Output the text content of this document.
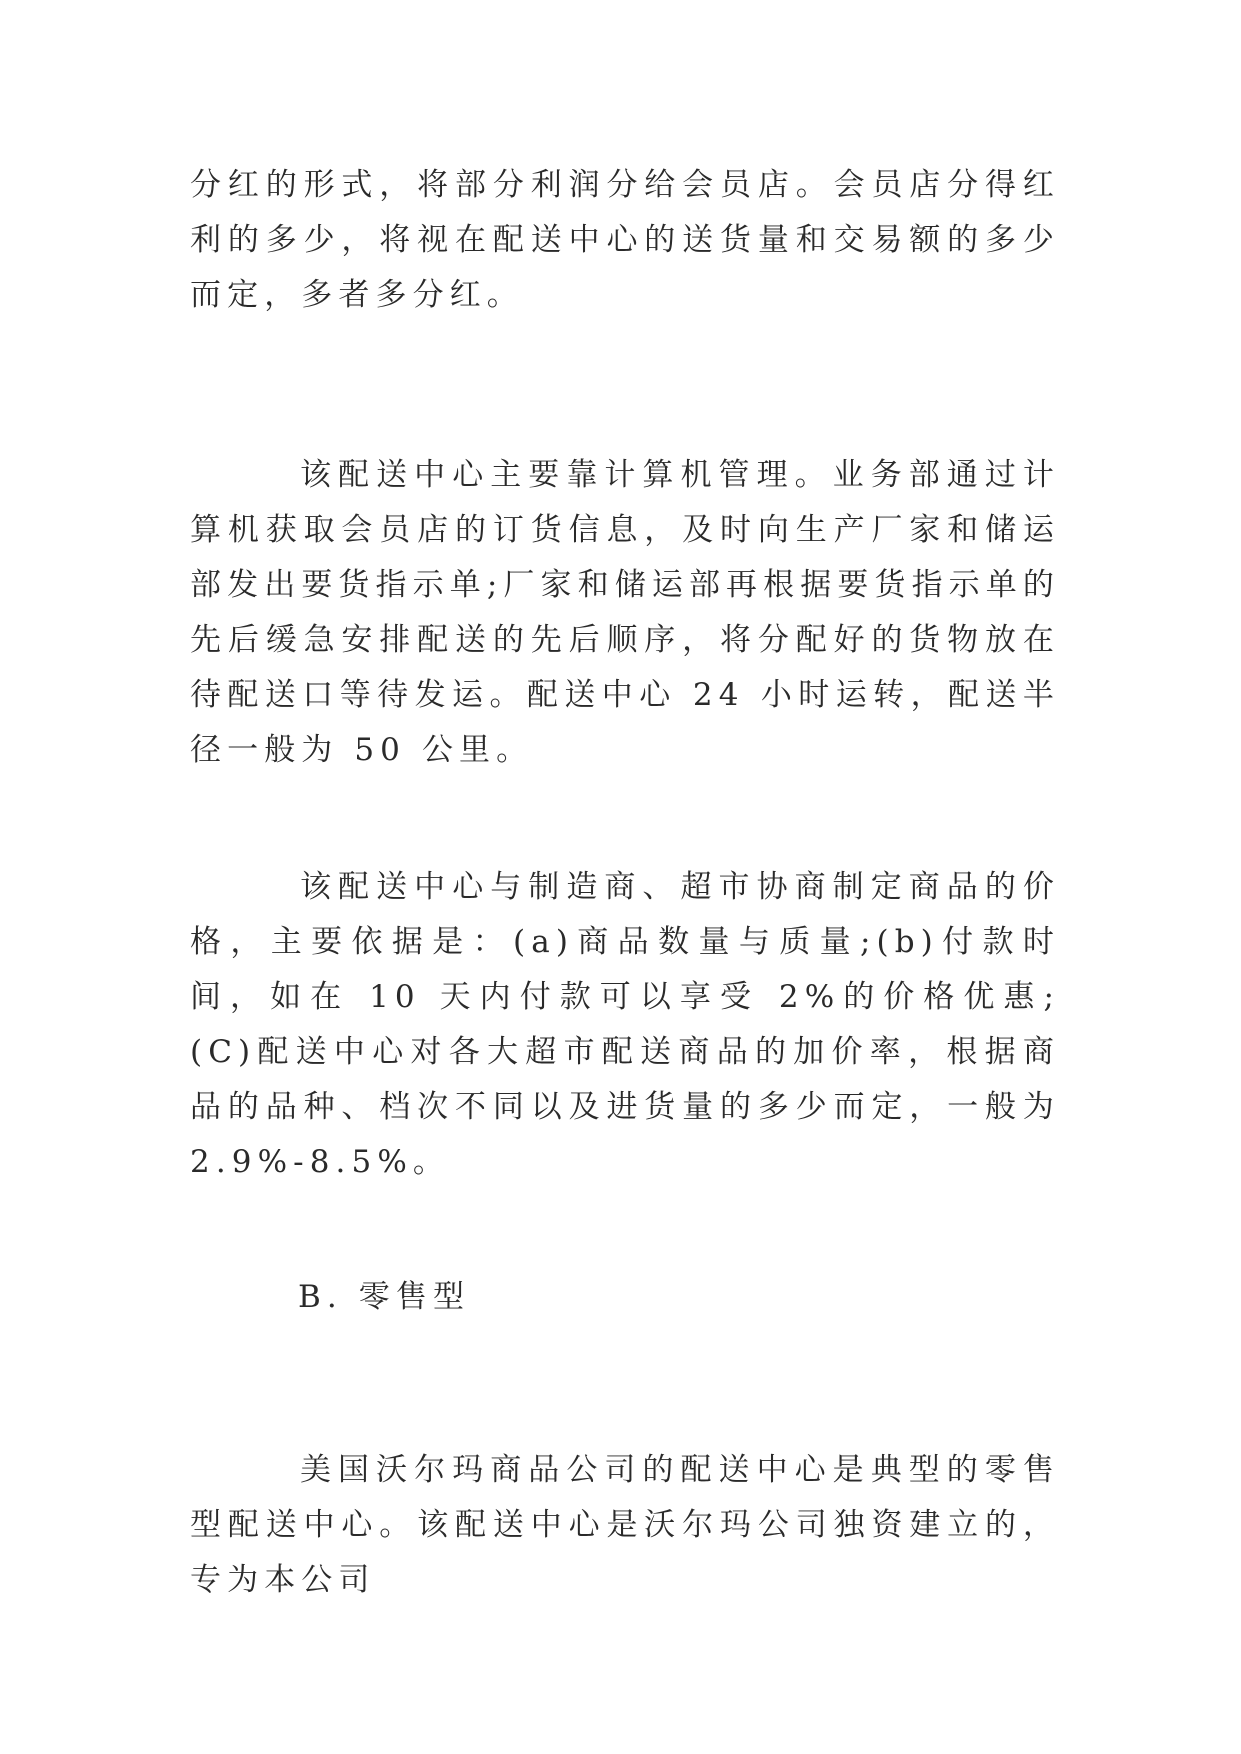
分红的形式，将部分利润分给会员店。会员店分得红利的多少，将视在配送中心的送货量和交易额的多少而定，多者多分红。

该配送中心主要靠计算机管理。业务部通过计算机获取会员店的订货信息，及时向生产厂家和储运部发出要货指示单;厂家和储运部再根据要货指示单的先后缓急安排配送的先后顺序，将分配好的货物放在待配送口等待发运。配送中心 24 小时运转，配送半径一般为 50 公里。

该配送中心与制造商、超市协商制定商品的价格，主要依据是：(a)商品数量与质量;(b)付款时间，如在 10 天内付款可以享受 2%的价格优惠;(C)配送中心对各大超市配送商品的加价率，根据商品的品种、档次不同以及进货量的多少而定，一般为 2.9%-8.5%。

B. 零售型

美国沃尔玛商品公司的配送中心是典型的零售型配送中心。该配送中心是沃尔玛公司独资建立的，专为本公司
